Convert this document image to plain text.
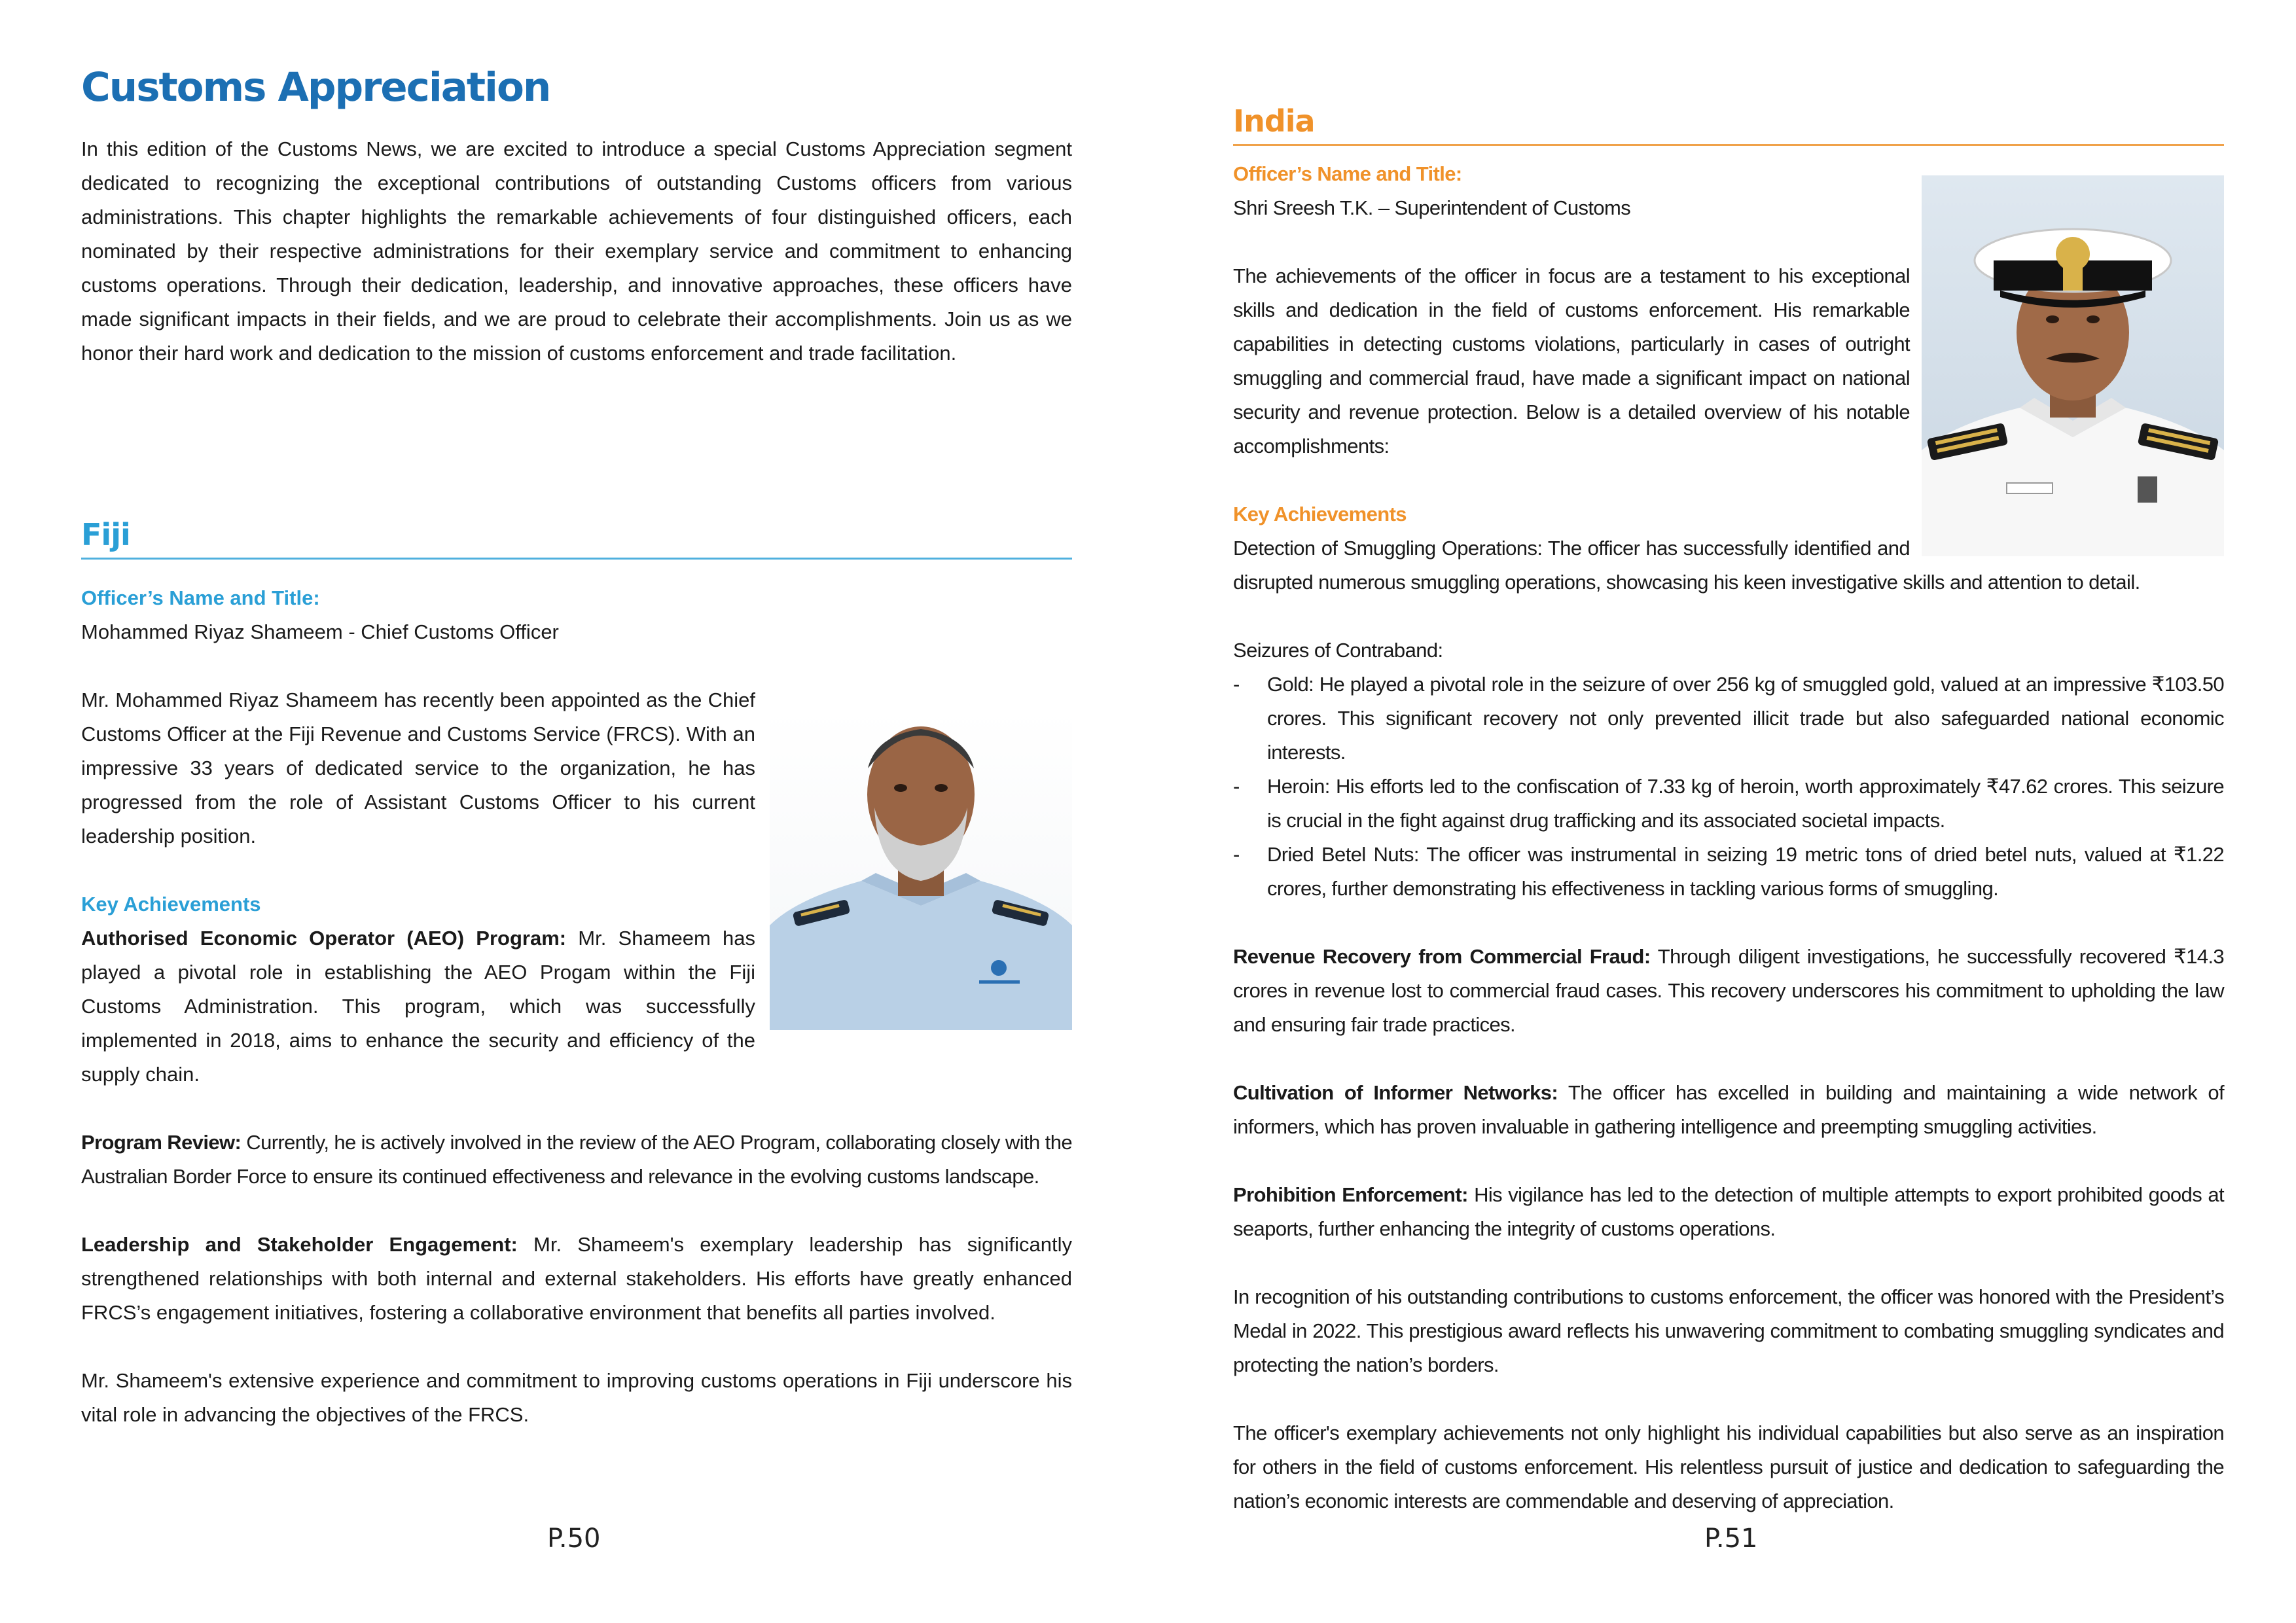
Customs Appreciation

In this edition of the Customs News, we are excited to introduce a special Customs Appreciation segment dedicated to recognizing the exceptional contributions of outstanding Customs officers from various administrations. This chapter highlights the remarkable achievements of four distinguished officers, each nominated by their respective administrations for their exemplary service and commitment to enhancing customs operations. Through their dedication, leadership, and innovative approaches, these officers have made significant impacts in their fields, and we are proud to celebrate their accomplishments. Join us as we honor their hard work and dedication to the mission of customs enforcement and trade facilitation.

Fiji

Officer’s Name and Title:

Mohammed Riyaz Shameem - Chief Customs Officer

Mr. Mohammed Riyaz Shameem has recently been appointed as the Chief Customs Officer at the Fiji Revenue and Customs Service (FRCS). With an impressive 33 years of dedicated service to the organization, he has progressed from the role of Assistant Customs Officer to his current leadership position.

Key Achievements

Authorised Economic Operator (AEO) Program: Mr. Shameem has played a pivotal role in establishing the AEO Progam within the Fiji Customs Administration. This program, which was successfully implemented in 2018, aims to enhance the security and efficiency of the supply chain.

Program Review: Currently, he is actively involved in the review of the AEO Program, collaborating closely with the Australian Border Force to ensure its continued effectiveness and relevance in the evolving customs landscape.

Leadership and Stakeholder Engagement: Mr. Shameem's exemplary leadership has significantly strengthened relationships with both internal and external stakeholders. His efforts have greatly enhanced FRCS’s engagement initiatives, fostering a collaborative environment that benefits all parties involved.

Mr. Shameem's extensive experience and commitment to improving customs operations in Fiji underscore his vital role in advancing the objectives of the FRCS.

P.50

India

Officer’s Name and Title:

Shri Sreesh T.K. – Superintendent of Customs

The achievements of the officer in focus are a testament to his exceptional skills and dedication in the field of customs enforcement. His remarkable capabilities in detecting customs violations, particularly in cases of outright smuggling and commercial fraud, have made a significant impact on national security and revenue protection. Below is a detailed overview of his notable accomplishments:

Key Achievements

Detection of Smuggling Operations: The officer has successfully identified and disrupted numerous smuggling operations, showcasing his keen investigative skills and attention to detail.

Seizures of Contraband:

- Gold: He played a pivotal role in the seizure of over 256 kg of smuggled gold, valued at an impressive ₹103.50 crores. This significant recovery not only prevented illicit trade but also safeguarded national economic interests.
- Heroin: His efforts led to the confiscation of 7.33 kg of heroin, worth approximately ₹47.62 crores. This seizure is crucial in the fight against drug trafficking and its associated societal impacts.
- Dried Betel Nuts: The officer was instrumental in seizing 19 metric tons of dried betel nuts, valued at ₹1.22 crores, further demonstrating his effectiveness in tackling various forms of smuggling.

Revenue Recovery from Commercial Fraud: Through diligent investigations, he successfully recovered ₹14.3 crores in revenue lost to commercial fraud cases. This recovery underscores his commitment to upholding the law and ensuring fair trade practices.

Cultivation of Informer Networks: The officer has excelled in building and maintaining a wide network of informers, which has proven invaluable in gathering intelligence and preempting smuggling activities.

Prohibition Enforcement: His vigilance has led to the detection of multiple attempts to export prohibited goods at seaports, further enhancing the integrity of customs operations.

In recognition of his outstanding contributions to customs enforcement, the officer was honored with the President’s Medal in 2022. This prestigious award reflects his unwavering commitment to combating smuggling syndicates and protecting the nation’s borders.

The officer's exemplary achievements not only highlight his individual capabilities but also serve as an inspiration for others in the field of customs enforcement. His relentless pursuit of justice and dedication to safeguarding the nation’s economic interests are commendable and deserving of appreciation.

P.51
